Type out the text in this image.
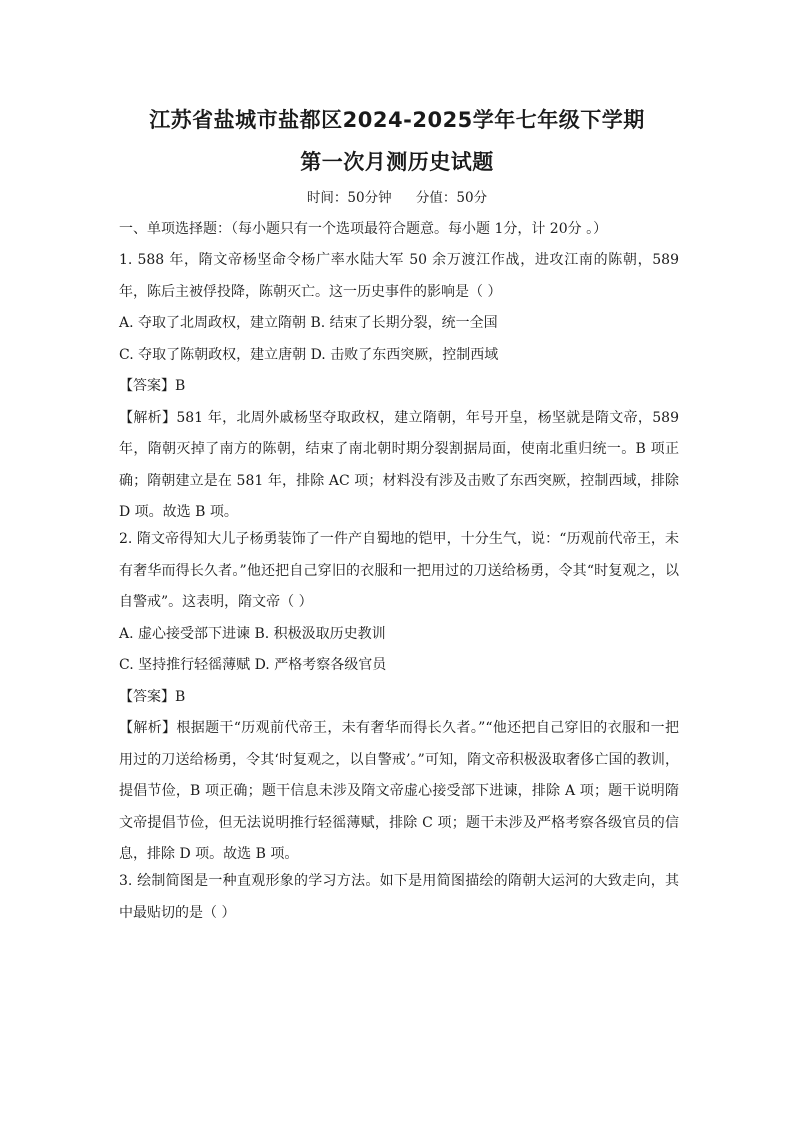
江苏省盐城市盐都区2024-2025学年七年级下学期
第一次月测历史试题
时间：50分钟 分值：50分

一、单项选择题：（每小题只有一个选项最符合题意。每小题 1分，计 20分 。）

1. 588 年，隋文帝杨坚命令杨广率水陆大军 50 余万渡江作战，进攻江南的陈朝，589 年，陈后主被俘投降，陈朝灭亡。这一历史事件的影响是（ ）

A. 夺取了北周政权，建立隋朝 B. 结束了长期分裂，统一全国

C. 夺取了陈朝政权，建立唐朝 D. 击败了东西突厥，控制西域

【答案】B

【解析】581 年，北周外戚杨坚夺取政权，建立隋朝，年号开皇，杨坚就是隋文帝，589 年，隋朝灭掉了南方的陈朝，结束了南北朝时期分裂割据局面，使南北重归统一。B 项正确；隋朝建立是在 581 年，排除 AC 项；材料没有涉及击败了东西突厥，控制西域，排除 D 项。故选 B 项。

2. 隋文帝得知大儿子杨勇装饰了一件产自蜀地的铠甲，十分生气，说：“历观前代帝王，未有奢华而得长久者。”他还把自己穿旧的衣服和一把用过的刀送给杨勇，令其“时复观之，以自警戒”。这表明，隋文帝（ ）

A. 虚心接受部下进谏 B. 积极汲取历史教训

C. 坚持推行轻徭薄赋 D. 严格考察各级官员

【答案】B

【解析】根据题干“历观前代帝王，未有奢华而得长久者。”“他还把自己穿旧的衣服和一把用过的刀送给杨勇，令其‘时复观之，以自警戒’。”可知，隋文帝积极汲取奢侈亡国的教训，提倡节俭，B 项正确；题干信息未涉及隋文帝虚心接受部下进谏，排除 A 项；题干说明隋文帝提倡节俭，但无法说明推行轻徭薄赋，排除 C 项；题干未涉及严格考察各级官员的信息，排除 D 项。故选 B 项。

3. 绘制简图是一种直观形象的学习方法。如下是用简图描绘的隋朝大运河的大致走向，其中最贴切的是（ ）
